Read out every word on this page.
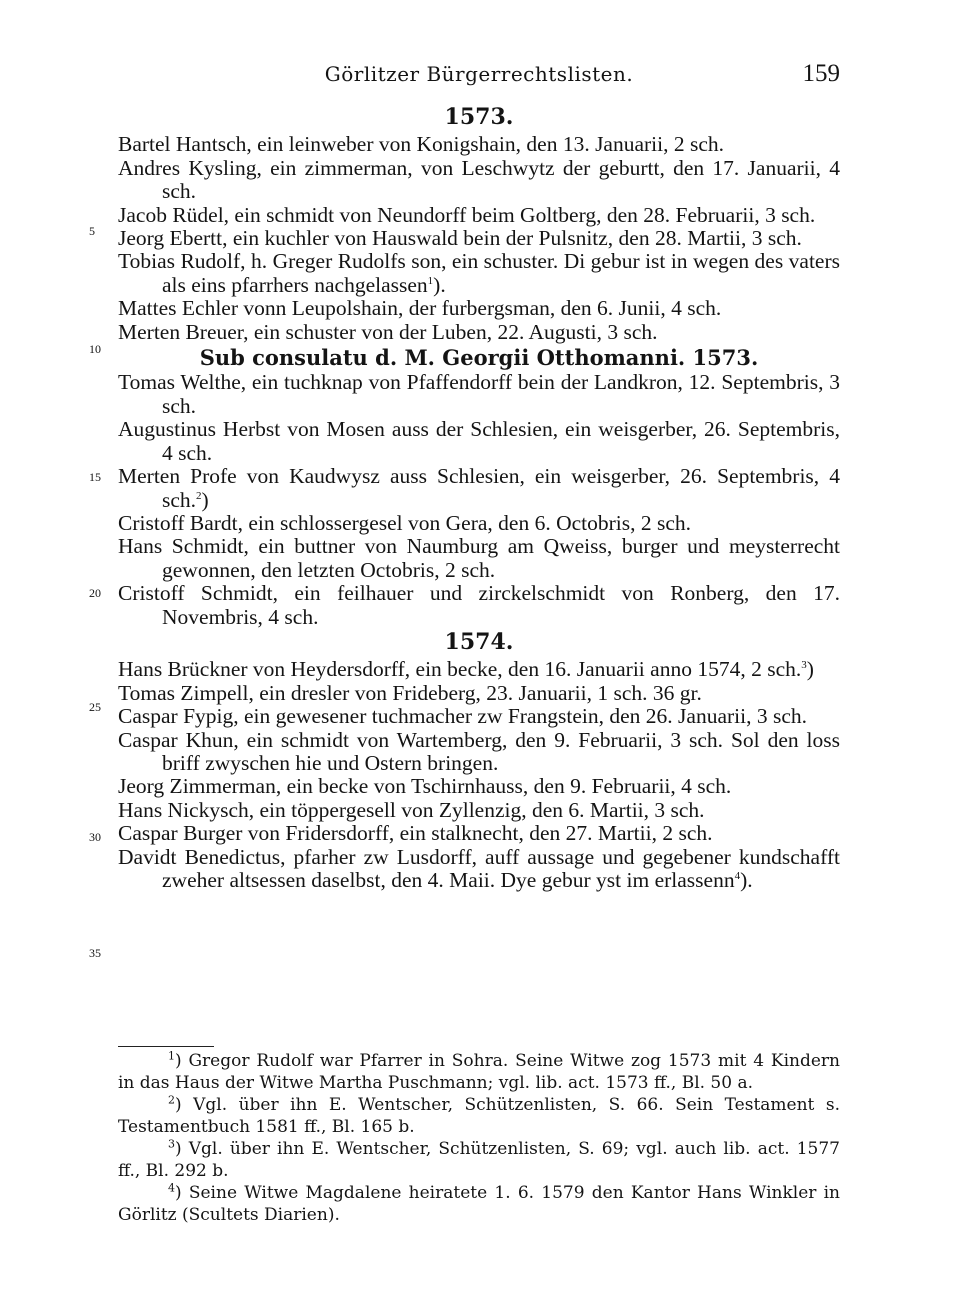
Görlitzer Bürgerrechtslisten.	159
5
10
15
20
25
30
35
1573.
Bartel Hantsch, ein leinweber von Konigshain, den 13. Januarii, 2 sch.
Andres Kysling, ein zimmerman, von Leschwytz der geburtt, den 17. Januarii, 4 sch.
Jacob Rüdel, ein schmidt von Neundorff beim Goltberg, den 28. Februarii, 3 sch.
Jeorg Ebertt, ein kuchler von Hauswald bein der Pulsnitz, den 28. Martii, 3 sch.
Tobias Rudolf, h. Greger Rudolfs son, ein schuster. Di gebur ist in wegen des vaters als eins pfarrhers nachgelassen$^1$).
Mattes Echler vonn Leupolshain, der furbergsman, den 6. Junii, 4 sch.
Merten Breuer, ein schuster von der Luben, 22. Augusti, 3 sch.
Sub consulatu d. M. Georgii Otthomanni. 1573.
Tomas Welthe, ein tuchknap von Pfaffendorff bein der Landkron, 12. Septembris, 3 sch.
Augustinus Herbst von Mosen auss der Schlesien, ein weisgerber, 26. Septembris, 4 sch.
Merten Profe von Kaudwysz auss Schlesien, ein weisgerber, 26. Septembris, 4 sch.$^2$)
Cristoff Bardt, ein schlossergesel von Gera, den 6. Octobris, 2 sch.
Hans Schmidt, ein buttner von Naumburg am Qweiss, burger und meysterrecht gewonnen, den letzten Octobris, 2 sch.
Cristoff Schmidt, ein feilhauer und zirckelschmidt von Ronberg, den 17. Novembris, 4 sch.
1574.
Hans Brückner von Heydersdorff, ein becke, den 16. Januarii anno 1574, 2 sch.$^3$)
Tomas Zimpell, ein dresler von Frideberg, 23. Januarii, 1 sch. 36 gr.
Caspar Fypig, ein gewesener tuchmacher zw Frangstein, den 26. Januarii, 3 sch.
Caspar Khun, ein schmidt von Wartemberg, den 9. Februarii, 3 sch. Sol den loss briff zwyschen hie und Ostern bringen.
Jeorg Zimmerman, ein becke von Tschirnhauss, den 9. Februarii, 4 sch.
Hans Nickysch, ein töppergesell von Zyllenzig, den 6. Martii, 3 sch.
Caspar Burger von Fridersdorff, ein stalknecht, den 27. Martii, 2 sch.
Davidt Benedictus, pfarher zw Lusdorff, auff aussage und gegebener kundschafft zweher altsessen daselbst, den 4. Maii. Dye gebur yst im erlassenn$^4$).
$^1$) Gregor Rudolf war Pfarrer in Sohra. Seine Witwe zog 1573 mit 4 Kindern in das Haus der Witwe Martha Puschmann; vgl. lib. act. 1573 ff., Bl. 50 a.
$^2$) Vgl. über ihn E. Wentscher, Schützenlisten, S. 66. Sein Testament s. Testamentbuch 1581 ff., Bl. 165 b.
$^3$) Vgl. über ihn E. Wentscher, Schützenlisten, S. 69; vgl. auch lib. act. 1577 ff., Bl. 292 b.
$^4$) Seine Witwe Magdalene heiratete 1. 6. 1579 den Kantor Hans Winkler in Görlitz (Scultets Diarien).
